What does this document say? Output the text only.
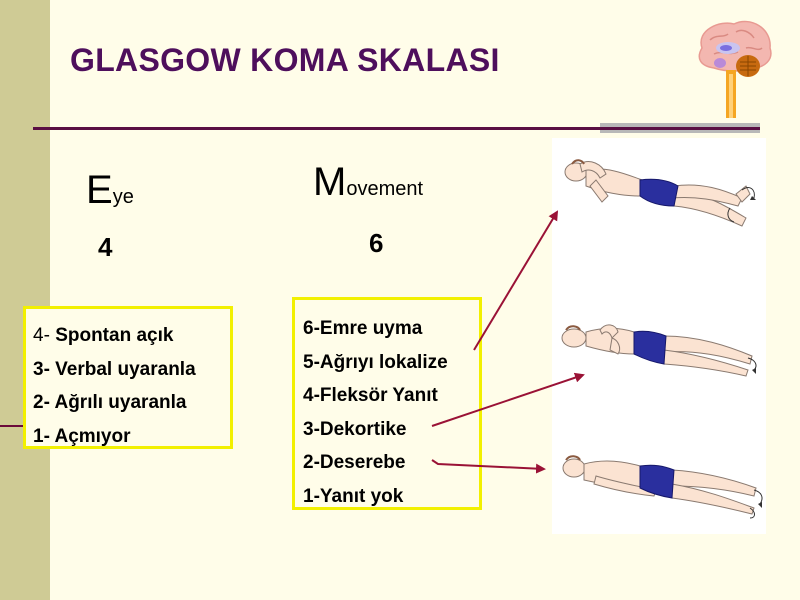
GLASGOW KOMA SKALASI
Eye
4
Movement
6
4- Spontan açık
3- Verbal uyaranla
2- Ağrılı uyaranla
1- Açmıyor
6-Emre uyma
5-Ağrıyı lokalize
4-Fleksör Yanıt
3-Dekortike
2-Deserebe
1-Yanıt yok
